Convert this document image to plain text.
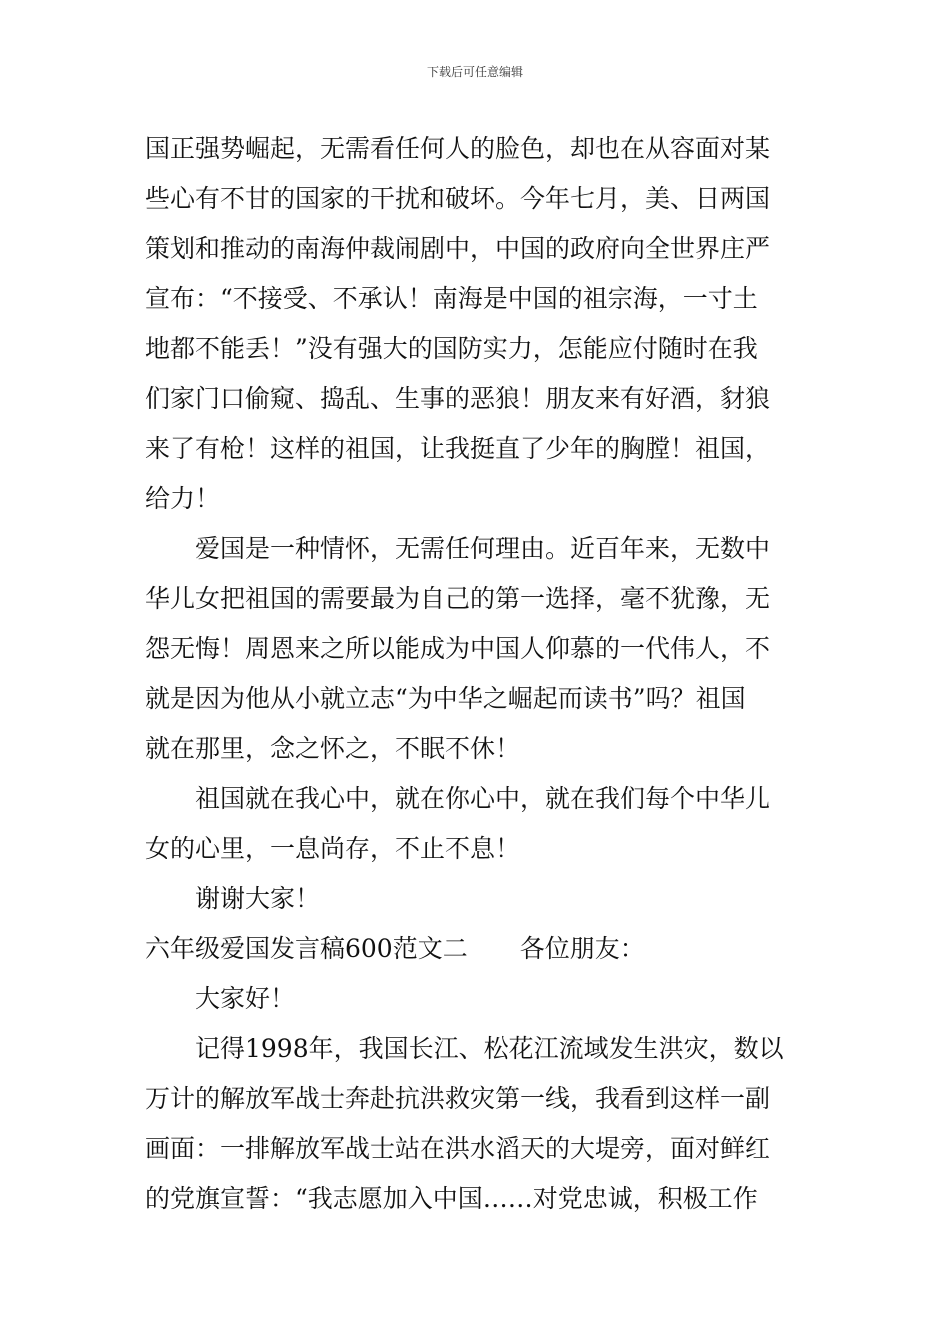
下载后可任意编辑
国正强势崛起，无需看任何人的脸色，却也在从容面对某
些心有不甘的国家的干扰和破坏。今年七月，美、日两国
策划和推动的南海仲裁闹剧中，中国的政府向全世界庄严
宣布：“不接受、不承认！南海是中国的祖宗海，一寸土
地都不能丢！”没有强大的国防实力，怎能应付随时在我
们家门口偷窥、捣乱、生事的恶狼！朋友来有好酒，豺狼
来了有枪！这样的祖国，让我挺直了少年的胸膛！祖国，
给力！
爱国是一种情怀，无需任何理由。近百年来，无数中
华儿女把祖国的需要最为自己的第一选择，毫不犹豫，无
怨无悔！周恩来之所以能成为中国人仰慕的一代伟人，不
就是因为他从小就立志“为中华之崛起而读书”吗？祖国
就在那里，念之怀之，不眠不休！
祖国就在我心中，就在你心中，就在我们每个中华儿
女的心里，一息尚存，不止不息！
谢谢大家！
六年级爱国发言稿600范文二 各位朋友：
大家好！
记得1998年，我国长江、松花江流域发生洪灾，数以
万计的解放军战士奔赴抗洪救灾第一线，我看到这样一副
画面：一排解放军战士站在洪水滔天的大堤旁，面对鲜红
的党旗宣誓：“我志愿加入中国……对党忠诚，积极工作
